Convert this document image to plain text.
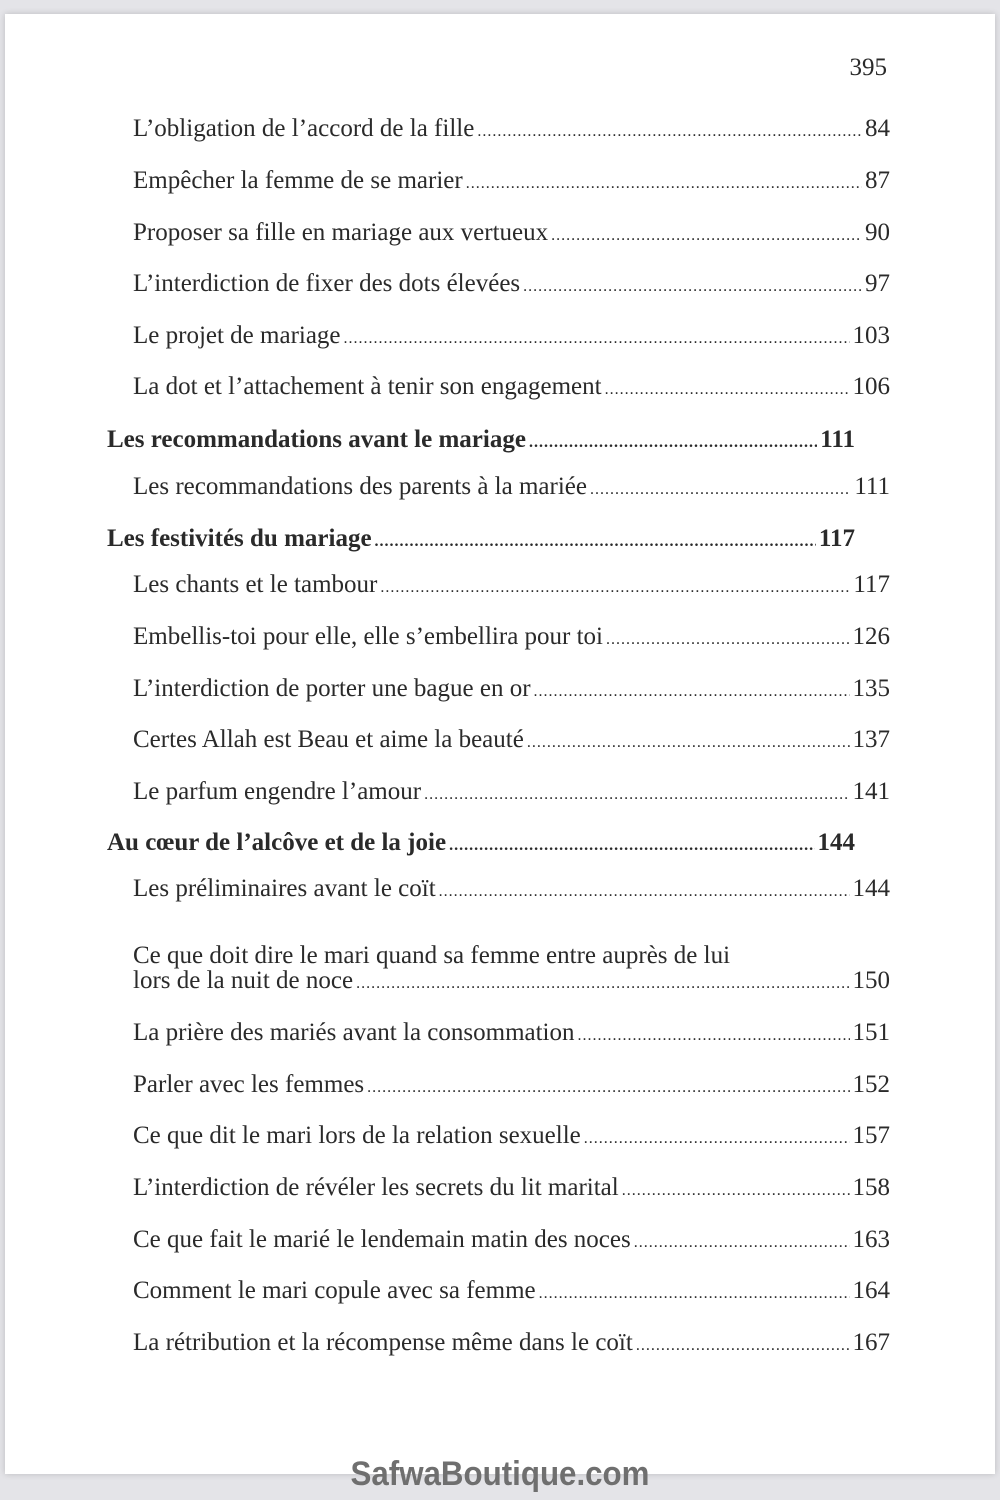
395
L’obligation de l’accord de la fille .....	84
Empêcher la femme de se marier .....	87
Proposer sa fille en mariage aux vertueux .....	90
L’interdiction de fixer des dots élevées .....	97
Le projet de mariage .....	103
La dot et l’attachement à tenir son engagement .....	106
Les recommandations avant le mariage .....	111
Les recommandations des parents à la mariée .....	111
Les festivités du mariage .....	117
Les chants et le tambour .....	117
Embellis-toi pour elle, elle s’embellira pour toi .....	126
L’interdiction de porter une bague en or .....	135
Certes Allah est Beau et aime la beauté .....	137
Le parfum engendre l’amour .....	141
Au cœur de l’alcôve et de la joie .....	144
Les préliminaires avant le coït .....	144
Ce que doit dire le mari quand sa femme entre auprès de lui
lors de la nuit de noce .....	150
La prière des mariés avant la consommation .....	151
Parler avec les femmes .....	152
Ce que dit le mari lors de la relation sexuelle .....	157
L’interdiction de révéler les secrets du lit marital .....	158
Ce que fait le marié le lendemain matin des noces .....	163
Comment le mari copule avec sa femme .....	164
La rétribution et la récompense même dans le coït .....	167
SafwaBoutique.com
